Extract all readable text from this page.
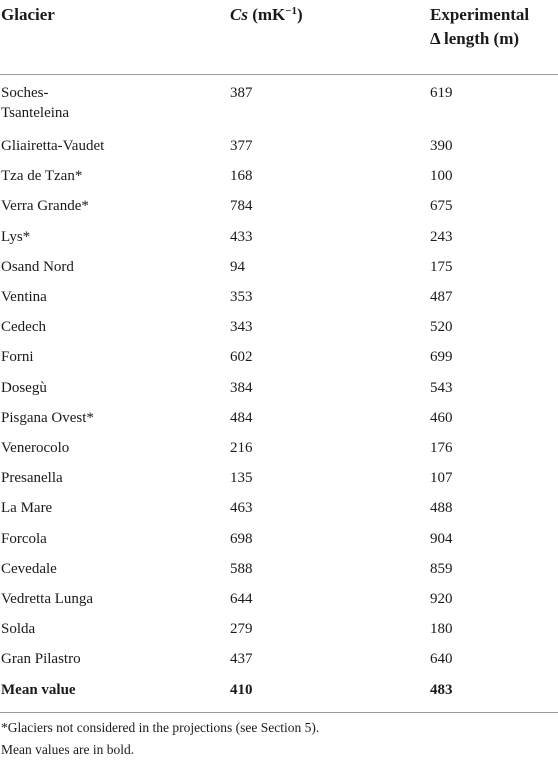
Glacier	Cs $(mK^{-1})$	Experimental
Δ length (m)
Soches-
Tsanteleina
387	619
Gliairetta-Vaudet	377	390
Tza de Tzan*	168	100
Verra Grande*	784	675
Lys*	433	243
Osand Nord	94	175
Ventina	353	487
Cedech	343	520
Forni	602	699
Dosegù	384	543
Pisgana Ovest*	484	460
Venerocolo	216	176
Presanella	135	107
La Mare	463	488
Forcola	698	904
Cevedale	588	859
Vedretta Lunga	644	920
Solda	279	180
Gran Pilastro	437	640
Mean value	410	483
*Glaciers not considered in the projections (see Section 5).
Mean values are in bold.
